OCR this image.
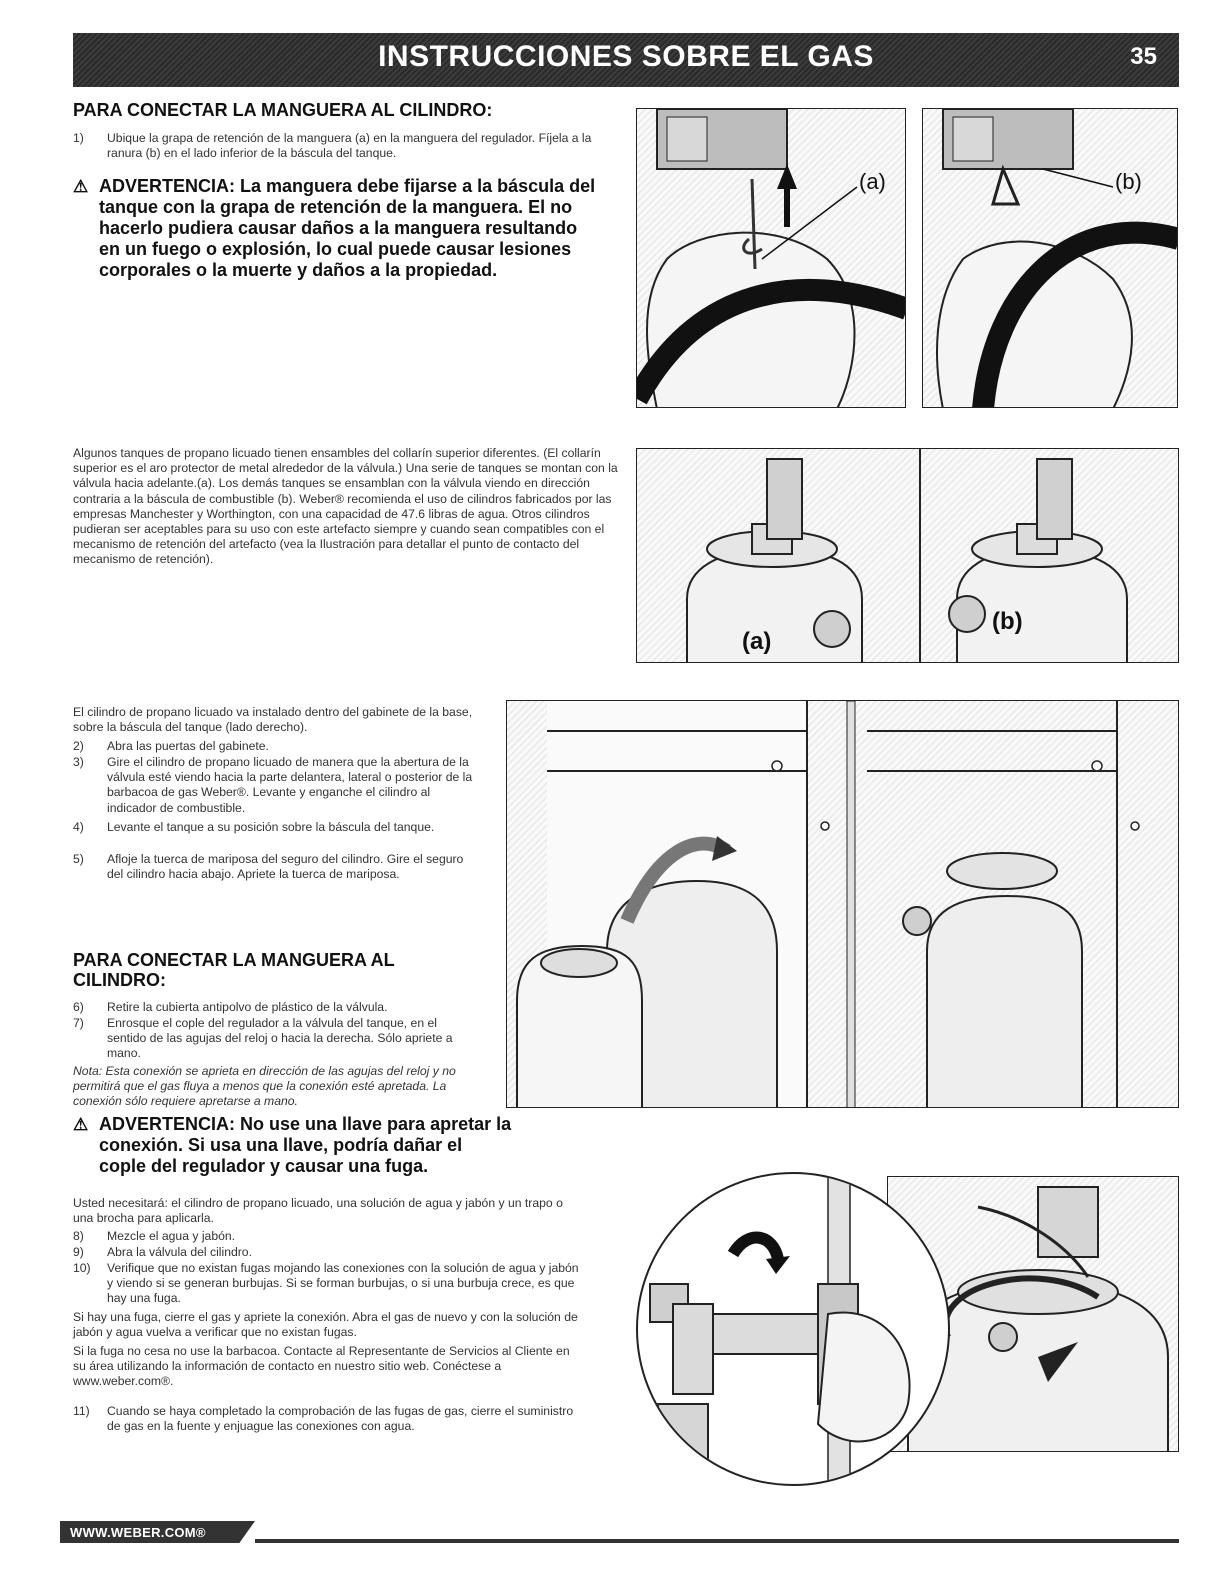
INSTRUCCIONES SOBRE EL GAS	35
PARA CONECTAR LA MANGUERA AL CILINDRO:
1)	Ubique la grapa de retención de la manguera (a) en la manguera del regulador. Fíjela a la ranura (b) en el lado inferior de la báscula del tanque.
⚠ ADVERTENCIA: La manguera debe fijarse a la báscula del tanque con la grapa de retención de la manguera. El no hacerlo pudiera causar daños a la manguera resultando en un fuego o explosión, lo cual puede causar lesiones corporales o la muerte y daños a la propiedad.
(a)	(b)
Algunos tanques de propano licuado tienen ensambles del collarín superior diferentes. (El collarín superior es el aro protector de metal alrededor de la válvula.) Una serie de tanques se montan con la válvula hacia adelante.(a). Los demás tanques se ensamblan con la válvula viendo en dirección contraria a la báscula de combustible (b). Weber® recomienda el uso de cilindros fabricados por las empresas Manchester y Worthington, con una capacidad de 47.6 libras de agua. Otros cilindros pudieran ser aceptables para su uso con este artefacto siempre y cuando sean compatibles con el mecanismo de retención del artefacto (vea la Ilustración para detallar el punto de contacto del mecanismo de retención).
(a)
(b)
El cilindro de propano licuado va instalado dentro del gabinete de la base, sobre la báscula del tanque (lado derecho).
2)	Abra las puertas del gabinete.
3)	Gire el cilindro de propano licuado de manera que la abertura de la válvula esté viendo hacia la parte delantera, lateral o posterior de la barbacoa de gas Weber®. Levante y enganche el cilindro al indicador de combustible.
4)	Levante el tanque a su posición sobre la báscula del tanque.
5)	Afloje la tuerca de mariposa del seguro del cilindro. Gire el seguro del cilindro hacia abajo. Apriete la tuerca de mariposa.
PARA CONECTAR LA MANGUERA AL
CILINDRO:
6)	Retire la cubierta antipolvo de plástico de la válvula.
7)	Enrosque el cople del regulador a la válvula del tanque, en el sentido de las agujas del reloj o hacia la derecha. Sólo apriete a mano.
Nota: Esta conexión se aprieta en dirección de las agujas del reloj y no permitirá que el gas fluya a menos que la conexión esté apretada. La conexión sólo requiere apretarse a mano.
⚠ ADVERTENCIA: No use una llave para apretar la conexión. Si usa una llave, podría dañar el cople del regulador y causar una fuga.
Usted necesitará: el cilindro de propano licuado, una solución de agua y jabón y un trapo o una brocha para aplicarla.
8)	Mezcle el agua y jabón.
9)	Abra la válvula del cilindro.
10)	Verifique que no existan fugas mojando las conexiones con la solución de agua y jabón y viendo si se generan burbujas. Si se forman burbujas, o si una burbuja crece, es que hay una fuga.
Si hay una fuga, cierre el gas y apriete la conexión. Abra el gas de nuevo y con la solución de jabón y agua vuelva a verificar que no existan fugas.
Si la fuga no cesa no use la barbacoa. Contacte al Representante de Servicios al Cliente en su área utilizando la información de contacto en nuestro sitio web. Conéctese a www.weber.com®.
11)	Cuando se haya completado la comprobación de las fugas de gas, cierre el suministro de gas en la fuente y enjuague las conexiones con agua.
WWW.WEBER.COM®
